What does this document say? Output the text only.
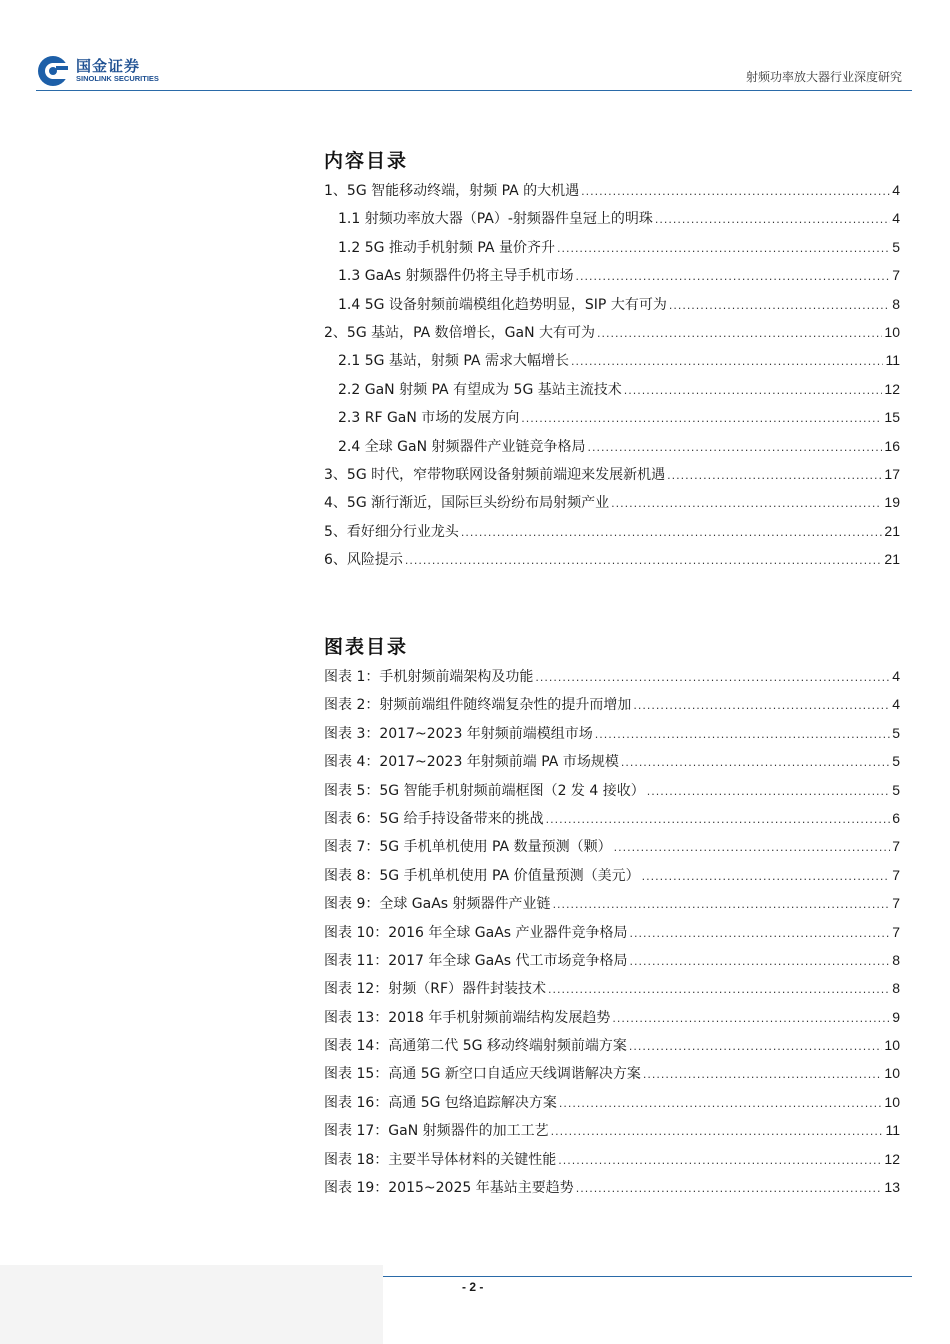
国金证券
SINOLINK SECURITIES	射频功率放大器行业深度研究
内容目录
1、5G 智能移动终端，射频 PA 的大机遇 .....	4
1.1 射频功率放大器（PA）-射频器件皇冠上的明珠 .....	4
1.2 5G 推动手机射频 PA 量价齐升 .....	5
1.3 GaAs 射频器件仍将主导手机市场 .....	7
1.4 5G 设备射频前端模组化趋势明显，SIP 大有可为 .....	8
2、5G 基站，PA 数倍增长，GaN 大有可为 .....	10
2.1 5G 基站，射频 PA 需求大幅增长 .....	11
2.2 GaN 射频 PA 有望成为 5G 基站主流技术 .....	12
2.3 RF GaN 市场的发展方向 .....	15
2.4 全球 GaN 射频器件产业链竞争格局 .....	16
3、5G 时代，窄带物联网设备射频前端迎来发展新机遇 .....	17
4、5G 渐行渐近，国际巨头纷纷布局射频产业 .....	19
5、看好细分行业龙头 .....	21
6、风险提示 .....	21
图表目录
图表 1：手机射频前端架构及功能 .....	4
图表 2：射频前端组件随终端复杂性的提升而增加 .....	4
图表 3：2017~2023 年射频前端模组市场 .....	5
图表 4：2017~2023 年射频前端 PA 市场规模 .....	5
图表 5：5G 智能手机射频前端框图（2 发 4 接收） .....	5
图表 6：5G 给手持设备带来的挑战 .....	6
图表 7：5G 手机单机使用 PA 数量预测（颗） .....	7
图表 8：5G 手机单机使用 PA 价值量预测（美元） .....	7
图表 9：全球 GaAs 射频器件产业链 .....	7
图表 10：2016 年全球 GaAs 产业器件竞争格局 .....	7
图表 11：2017 年全球 GaAs 代工市场竞争格局 .....	8
图表 12：射频（RF）器件封装技术 .....	8
图表 13：2018 年手机射频前端结构发展趋势 .....	9
图表 14：高通第二代 5G 移动终端射频前端方案 .....	10
图表 15：高通 5G 新空口自适应天线调谐解决方案 .....	10
图表 16：高通 5G 包络追踪解决方案 .....	10
图表 17：GaN 射频器件的加工工艺 .....	11
图表 18：主要半导体材料的关键性能 .....	12
图表 19：2015~2025 年基站主要趋势 .....	13
- 2 -
